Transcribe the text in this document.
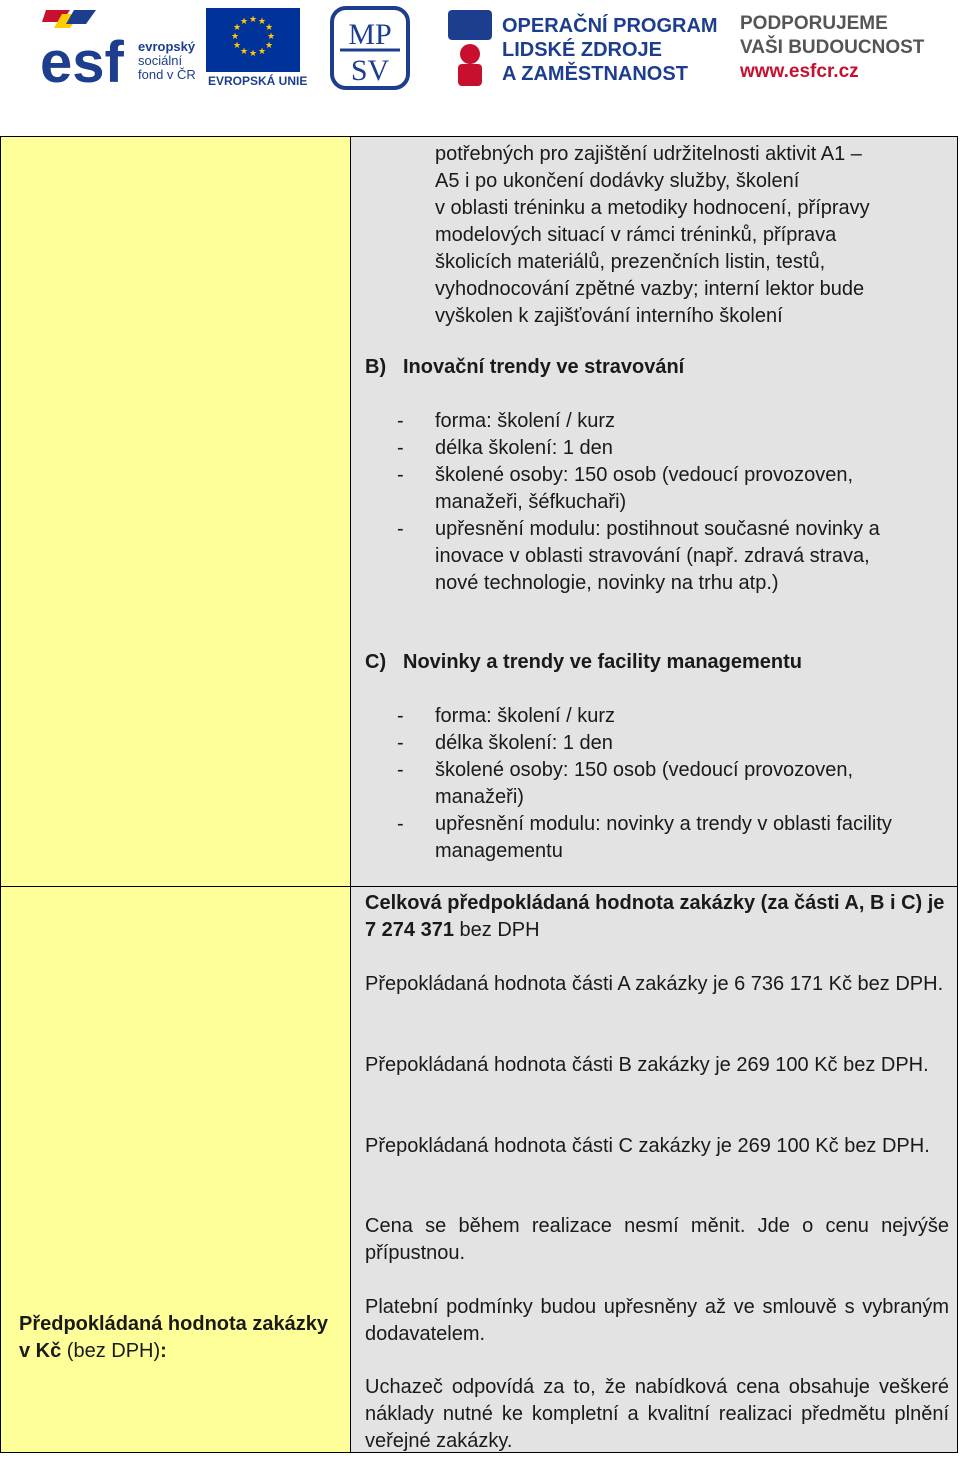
esf evropský
sociální
fond v ČR
★ ★
★
★
★
★
★
★
★
★
★
★
EVROPSKÁ UNIE
MP
SV
OPERAČNÍ PROGRAM
LIDSKÉ ZDROJE
A ZAMĚSTNANOST
PODPORUJEME
VAŠI BUDOUCNOST
www.esfcr.cz

potřebných pro zajištění udržitelnosti aktivit A1 –

A5 i po ukončení dodávky služby, školení

v oblasti tréninku a metodiky hodnocení, přípravy

modelových situací v rámci tréninků, příprava

školicích materiálů, prezenčních listin, testů,

vyhodnocování zpětné vazby; interní lektor bude

vyškolen k zajišťování interního školení

B) Inovační trendy ve stravování
- forma: školení / kurz
- délka školení: 1 den
- školené osoby: 150 osob (vedoucí provozoven, manažeři, šéfkuchaři)
- upřesnění modulu: postihnout současné novinky a inovace v oblasti stravování (např. zdravá strava, nové technologie, novinky na trhu atp.)
C) Novinky a trendy ve facility managementu
- forma: školení / kurz
- délka školení: 1 den
- školené osoby: 150 osob (vedoucí provozoven, manažeři)
- upřesnění modulu: novinky a trendy v oblasti facility managementu
Předpokládaná hodnota zakázky v Kč (bez DPH):

Celková předpokládaná hodnota zakázky (za části A, B i C) je 7 274 371 bez DPH

Přepokládaná hodnota části A zakázky je 6 736 171 Kč bez DPH.

Přepokládaná hodnota části B zakázky je 269 100 Kč bez DPH.

Přepokládaná hodnota části C zakázky je 269 100 Kč bez DPH.

Cena se během realizace nesmí měnit. Jde o cenu nejvýše přípustnou.

Platební podmínky budou upřesněny až ve smlouvě s vybraným dodavatelem.

Uchazeč odpovídá za to, že nabídková cena obsahuje veškeré náklady nutné ke kompletní a kvalitní realizaci předmětu plnění veřejné zakázky.
